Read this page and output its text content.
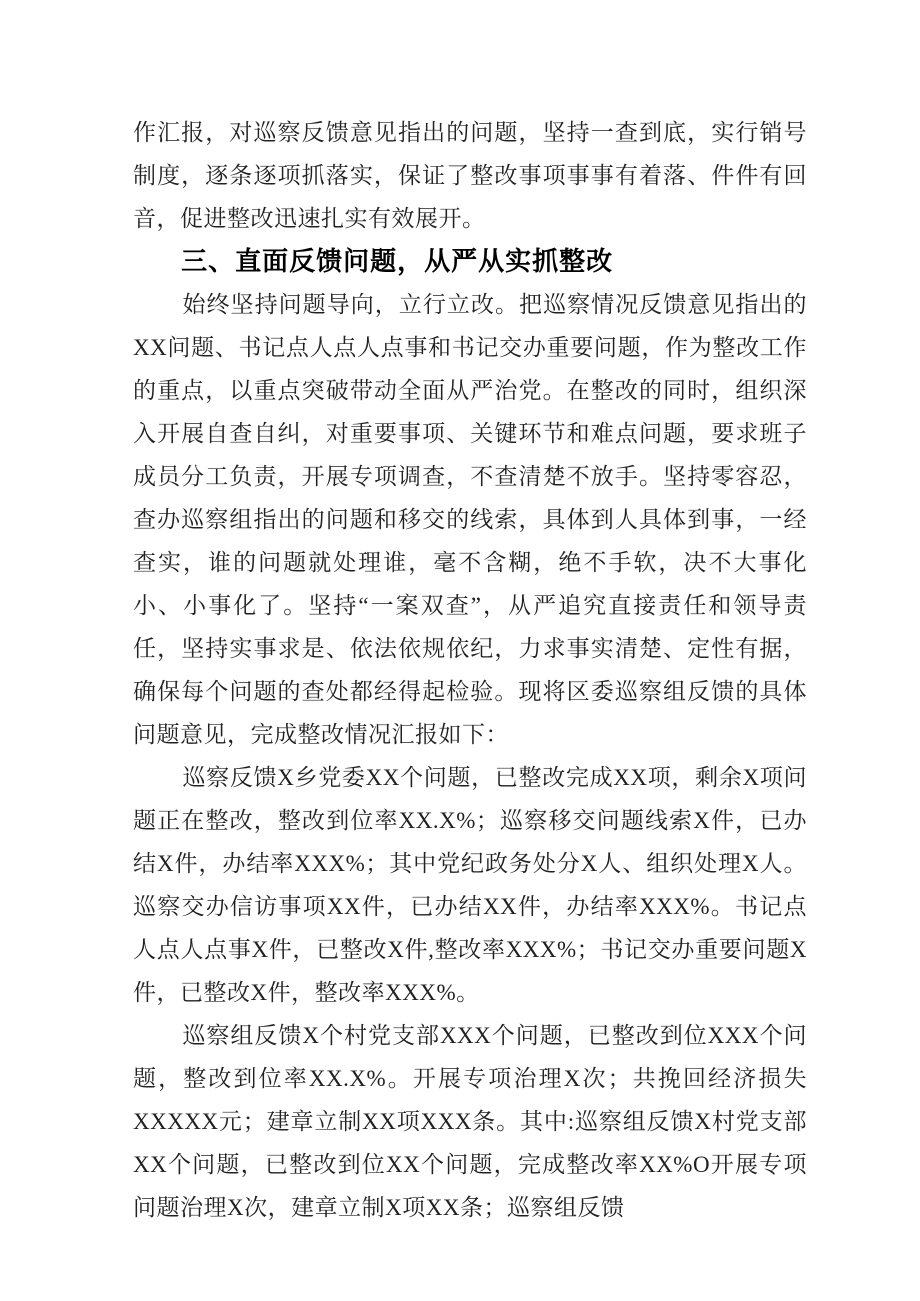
作汇报，对巡察反馈意见指出的问题，坚持一查到底，实行销号制度，逐条逐项抓落实，保证了整改事项事事有着落、件件有回音，促进整改迅速扎实有效展开。

三、直面反馈问题，从严从实抓整改

始终坚持问题导向，立行立改。把巡察情况反馈意见指出的XX问题、书记点人点人点事和书记交办重要问题，作为整改工作的重点，以重点突破带动全面从严治党。在整改的同时，组织深入开展自查自纠，对重要事项、关键环节和难点问题，要求班子成员分工负责，开展专项调查，不查清楚不放手。坚持零容忍，查办巡察组指出的问题和移交的线索，具体到人具体到事，一经查实，谁的问题就处理谁，毫不含糊，绝不手软，决不大事化小、小事化了。坚持“一案双查”，从严追究直接责任和领导责任，坚持实事求是、依法依规依纪，力求事实清楚、定性有据，确保每个问题的查处都经得起检验。现将区委巡察组反馈的具体问题意见，完成整改情况汇报如下：

巡察反馈X乡党委XX个问题，已整改完成XX项，剩余X项问题正在整改，整改到位率XX.X%；巡察移交问题线索X件，已办结X件，办结率XXX%；其中党纪政务处分X人、组织处理X人。巡察交办信访事项XX件，已办结XX件，办结率XXX%。书记点人点人点事X件，已整改X件,整改率XXX%；书记交办重要问题X件，已整改X件，整改率XXX%。

巡察组反馈X个村党支部XXX个问题，已整改到位XXX个问题，整改到位率XX.X%。开展专项治理X次；共挽回经济损失XXXXX元；建章立制XX项XXX条。其中:巡察组反馈X村党支部XX个问题，已整改到位XX个问题，完成整改率XX%O开展专项问题治理X次，建章立制X项XX条；巡察组反馈
